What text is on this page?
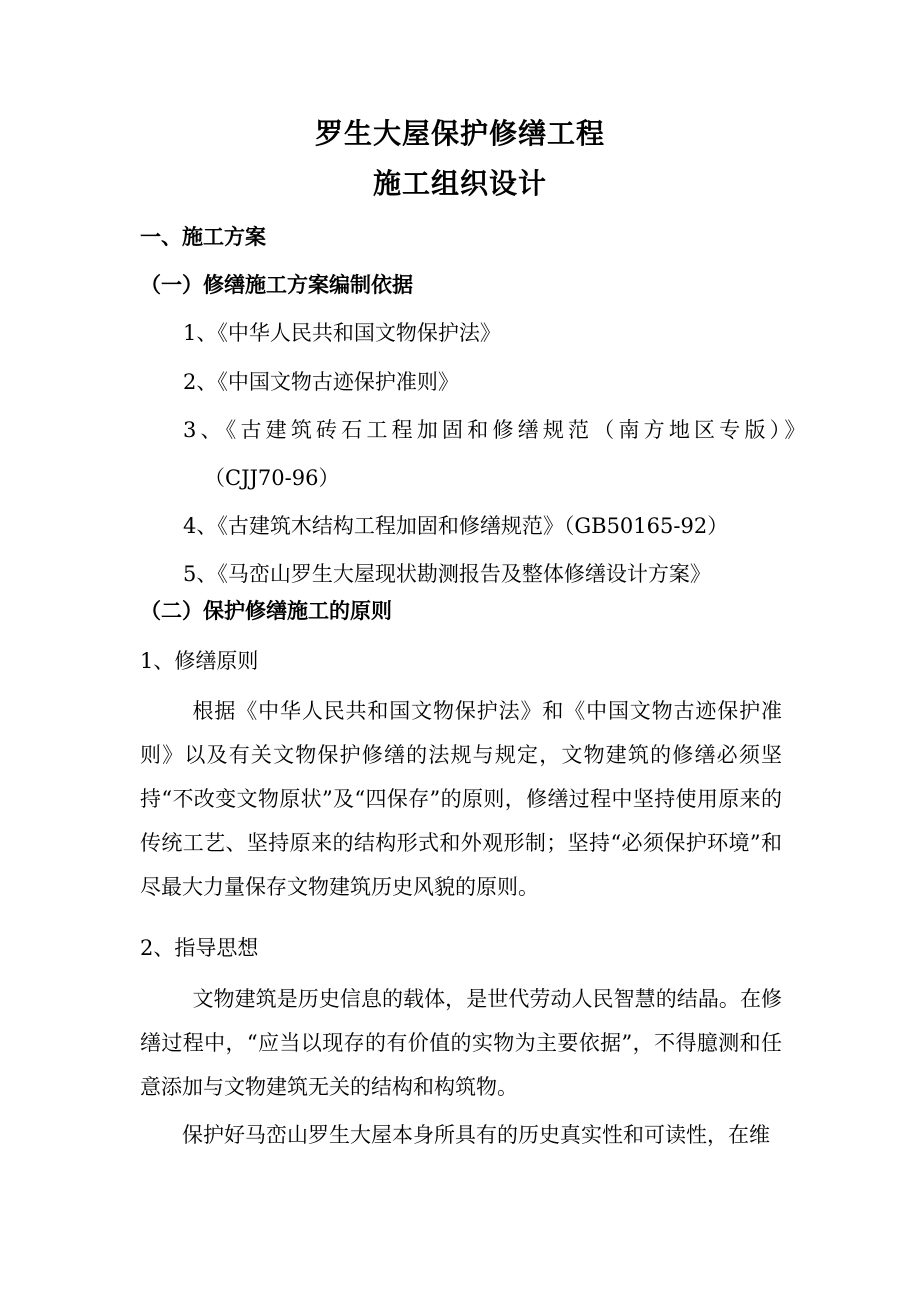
罗生大屋保护修缮工程
施工组织设计
一、施工方案
（一）修缮施工方案编制依据
1、《中华人民共和国文物保护法》
2、《中国文物古迹保护准则》
3、《古建筑砖石工程加固和修缮规范（南方地区专版）》
（CJJ70-96）
4、《古建筑木结构工程加固和修缮规范》（GB50165-92）
5、《马峦山罗生大屋现状勘测报告及整体修缮设计方案》
（二）保护修缮施工的原则
1、修缮原则
根据《中华人民共和国文物保护法》和《中国文物古迹保护准则》以及有关文物保护修缮的法规与规定，文物建筑的修缮必须坚持“不改变文物原状”及“四保存”的原则，修缮过程中坚持使用原来的传统工艺、坚持原来的结构形式和外观形制；坚持“必须保护环境”和尽最大力量保存文物建筑历史风貌的原则。
2、指导思想
文物建筑是历史信息的载体，是世代劳动人民智慧的结晶。在修缮过程中，“应当以现存的有价值的实物为主要依据”，不得臆测和任意添加与文物建筑无关的结构和构筑物。
保护好马峦山罗生大屋本身所具有的历史真实性和可读性，在维
